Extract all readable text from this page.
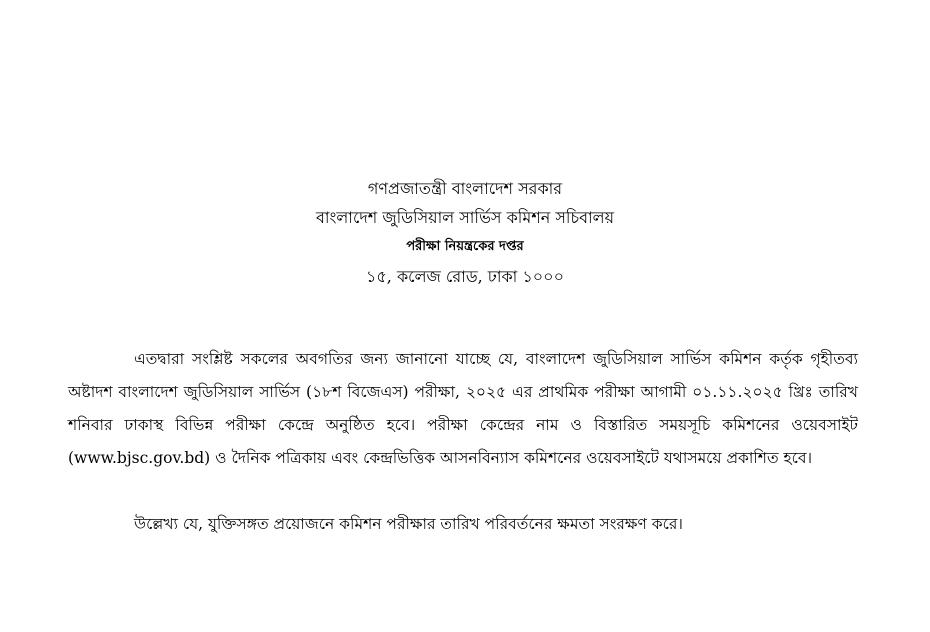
গণপ্রজাতন্ত্রী বাংলাদেশ সরকার
বাংলাদেশ জুডিসিয়াল সার্ভিস কমিশন সচিবালয়
পরীক্ষা নিয়ন্ত্রকের দপ্তর
১৫, কলেজ রোড, ঢাকা ১০০০

এতদ্বারা সংশ্লিষ্ট সকলের অবগতির জন্য জানানো যাচ্ছে যে, বাংলাদেশ জুডিসিয়াল সার্ভিস কমিশন কর্তৃক গৃহীতব্য অষ্টাদশ বাংলাদেশ জুডিসিয়াল সার্ভিস (১৮শ বিজেএস) পরীক্ষা, ২০২৫ এর প্রাথমিক পরীক্ষা আগামী ০১.১১.২০২৫ খ্রিঃ তারিখ শনিবার ঢাকাস্থ বিভিন্ন পরীক্ষা কেন্দ্রে অনুষ্ঠিত হবে। পরীক্ষা কেন্দ্রের নাম ও বিস্তারিত সময়সূচি কমিশনের ওয়েবসাইট (www.bjsc.gov.bd) ও দৈনিক পত্রিকায় এবং কেন্দ্রভিত্তিক আসনবিন্যাস কমিশনের ওয়েবসাইটে যথাসময়ে প্রকাশিত হবে।

উল্লেখ্য যে, যুক্তিসঙ্গত প্রয়োজনে কমিশন পরীক্ষার তারিখ পরিবর্তনের ক্ষমতা সংরক্ষণ করে।
